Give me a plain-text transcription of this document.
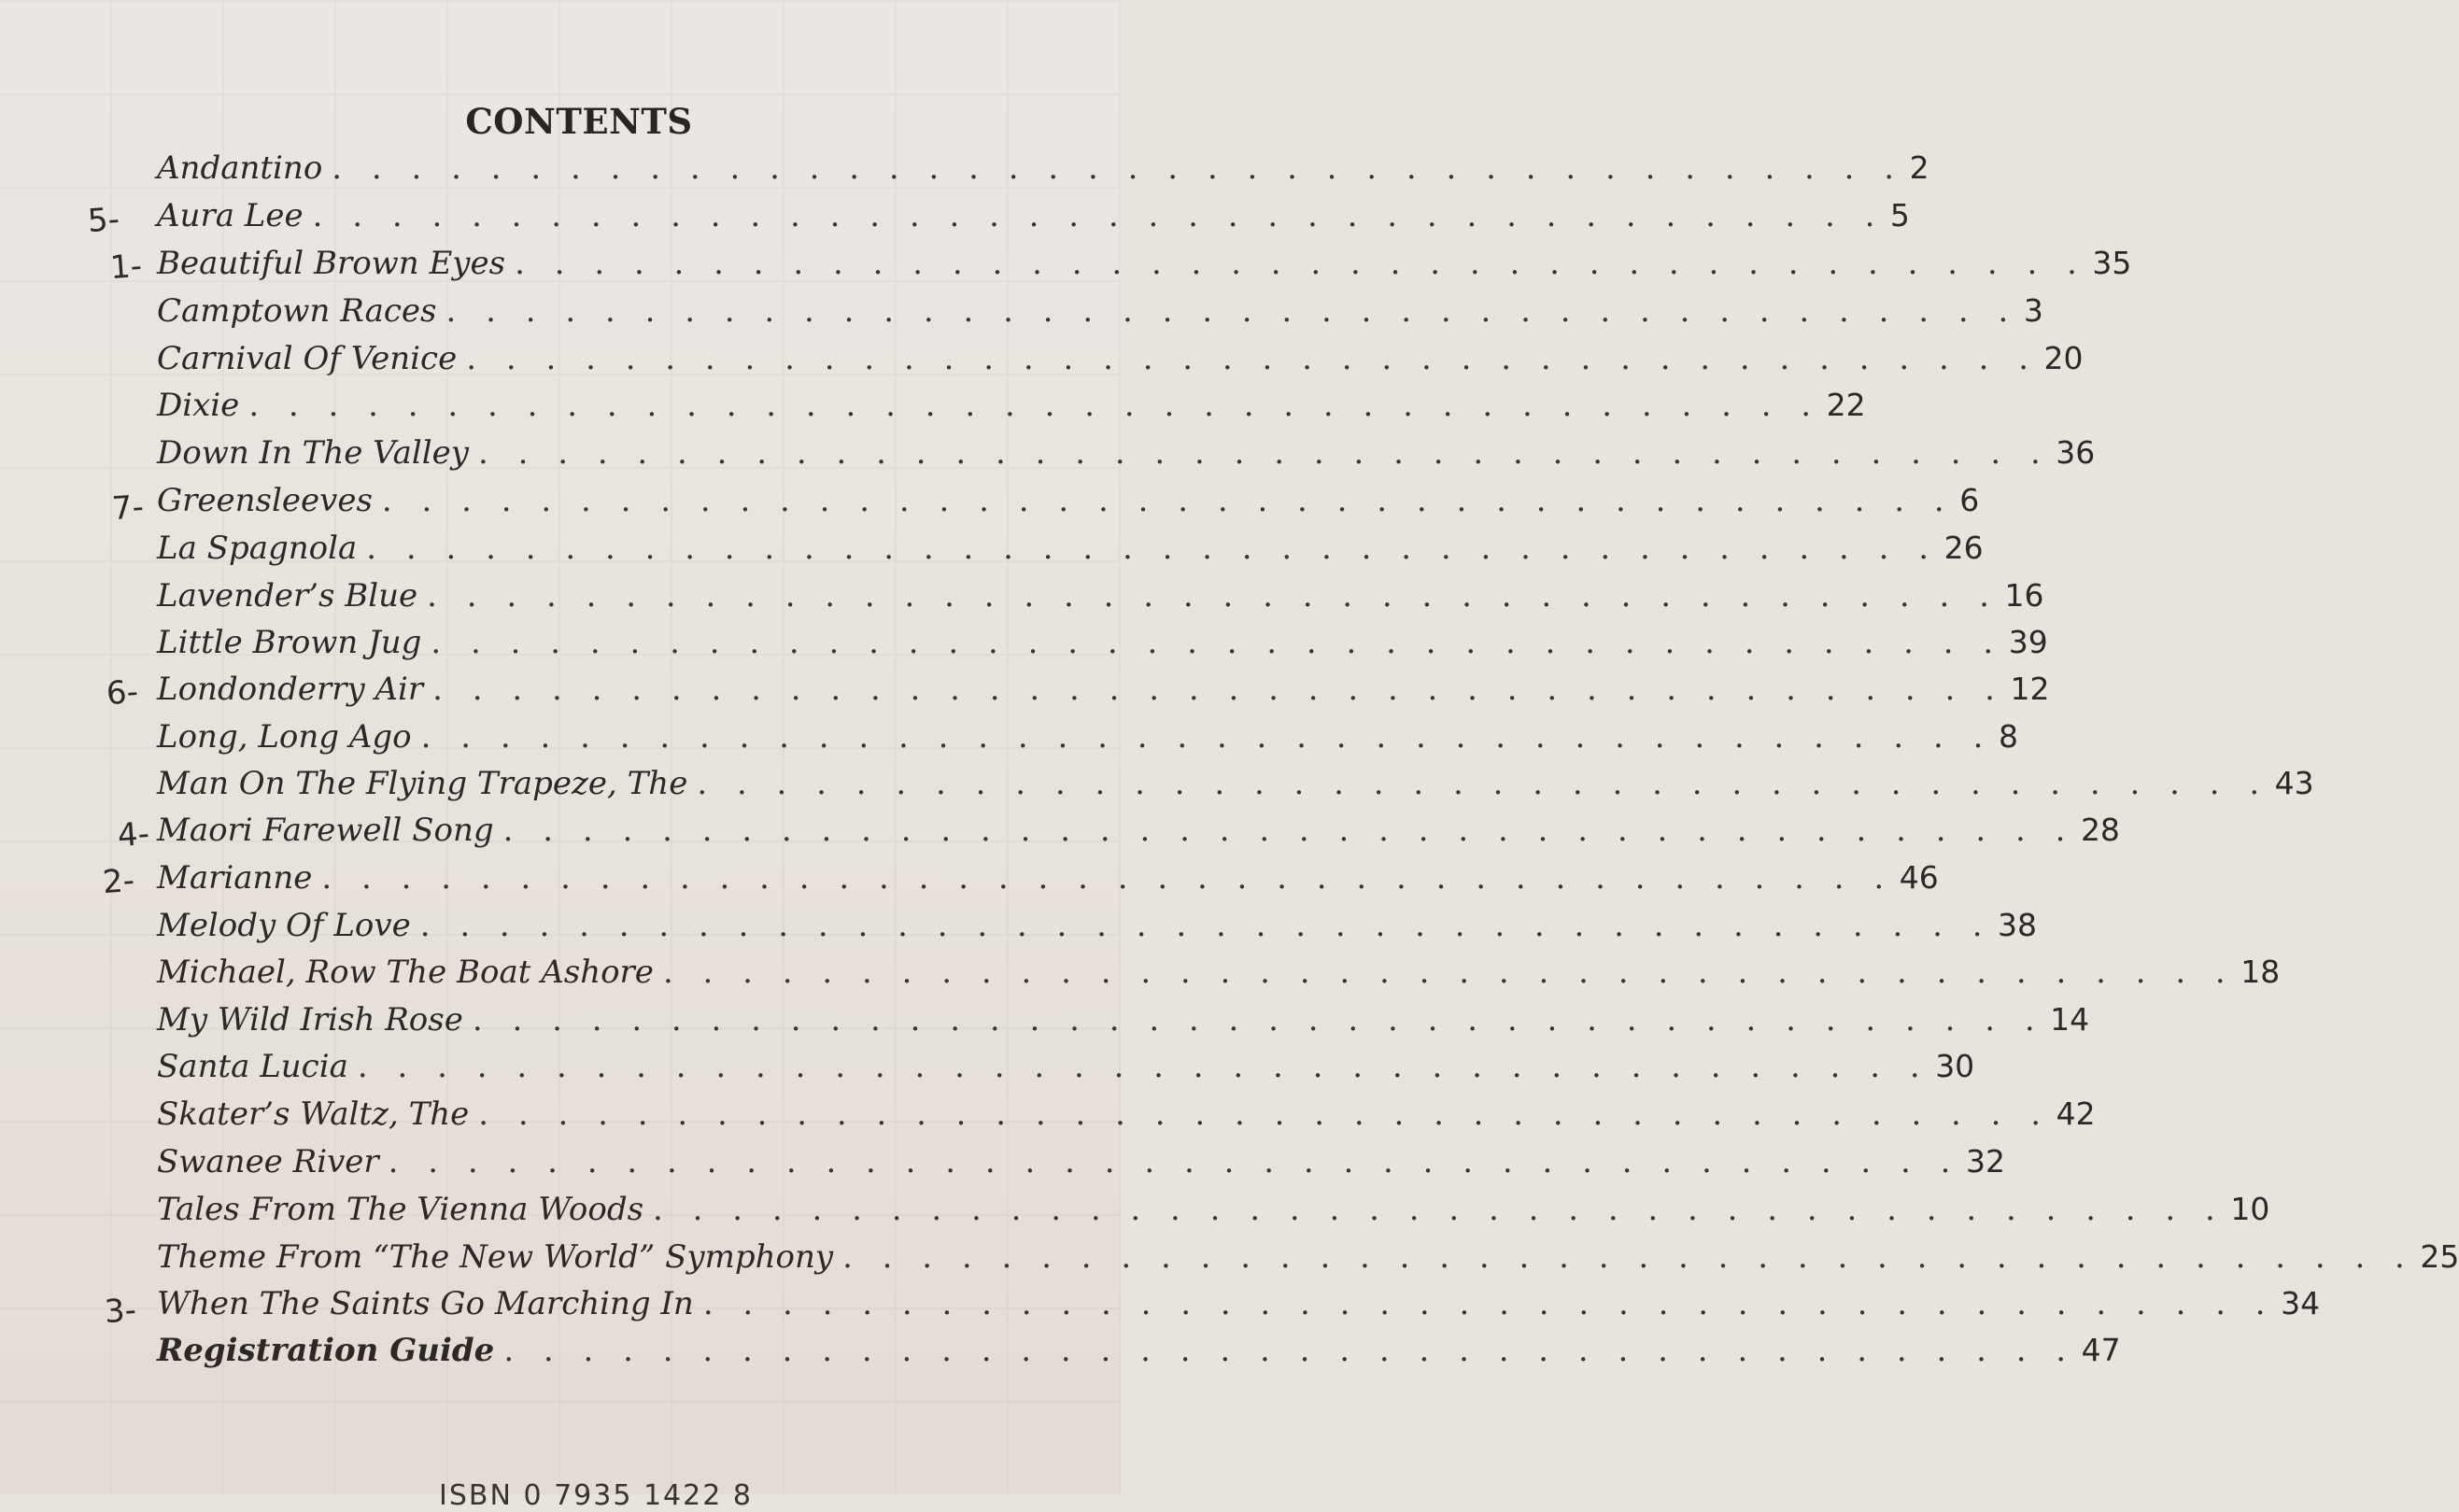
CONTENTS
Andantino . . . . . . . . . . . . . . . . . . . . . . . . . . . . . . . . . . . . . . . . 2
Aura Lee . . . . . . . . . . . . . . . . . . . . . . . . . . . . . . . . . . . . . . . . 5
Beautiful Brown Eyes . . . . . . . . . . . . . . . . . . . . . . . . . . . . . . . . . . . . . . . . 35
Camptown Races . . . . . . . . . . . . . . . . . . . . . . . . . . . . . . . . . . . . . . . . 3
Carnival Of Venice . . . . . . . . . . . . . . . . . . . . . . . . . . . . . . . . . . . . . . . . 20
Dixie . . . . . . . . . . . . . . . . . . . . . . . . . . . . . . . . . . . . . . . . 22
Down In The Valley . . . . . . . . . . . . . . . . . . . . . . . . . . . . . . . . . . . . . . . . 36
Greensleeves . . . . . . . . . . . . . . . . . . . . . . . . . . . . . . . . . . . . . . . . 6
La Spagnola . . . . . . . . . . . . . . . . . . . . . . . . . . . . . . . . . . . . . . . . 26
Lavender’s Blue . . . . . . . . . . . . . . . . . . . . . . . . . . . . . . . . . . . . . . . . 16
Little Brown Jug . . . . . . . . . . . . . . . . . . . . . . . . . . . . . . . . . . . . . . . . 39
Londonderry Air . . . . . . . . . . . . . . . . . . . . . . . . . . . . . . . . . . . . . . . . 12
Long, Long Ago . . . . . . . . . . . . . . . . . . . . . . . . . . . . . . . . . . . . . . . . 8
Man On The Flying Trapeze, The . . . . . . . . . . . . . . . . . . . . . . . . . . . . . . . . . . . . . . . . 43
Maori Farewell Song . . . . . . . . . . . . . . . . . . . . . . . . . . . . . . . . . . . . . . . . 28
Marianne . . . . . . . . . . . . . . . . . . . . . . . . . . . . . . . . . . . . . . . . 46
Melody Of Love . . . . . . . . . . . . . . . . . . . . . . . . . . . . . . . . . . . . . . . . 38
Michael, Row The Boat Ashore . . . . . . . . . . . . . . . . . . . . . . . . . . . . . . . . . . . . . . . . 18
My Wild Irish Rose . . . . . . . . . . . . . . . . . . . . . . . . . . . . . . . . . . . . . . . . 14
Santa Lucia . . . . . . . . . . . . . . . . . . . . . . . . . . . . . . . . . . . . . . . . 30
Skater’s Waltz, The . . . . . . . . . . . . . . . . . . . . . . . . . . . . . . . . . . . . . . . . 42
Swanee River . . . . . . . . . . . . . . . . . . . . . . . . . . . . . . . . . . . . . . . . 32
Tales From The Vienna Woods . . . . . . . . . . . . . . . . . . . . . . . . . . . . . . . . . . . . . . . . 10
Theme From “The New World” Symphony . . . . . . . . . . . . . . . . . . . . . . . . . . . . . . . . . . . . . . . . 25
When The Saints Go Marching In . . . . . . . . . . . . . . . . . . . . . . . . . . . . . . . . . . . . . . . . 34
Registration Guide . . . . . . . . . . . . . . . . . . . . . . . . . . . . . . . . . . . . . . . . 47
5-
1-
7-
6-
4-
2-
3-
ISBN 0 7935 1422 8
